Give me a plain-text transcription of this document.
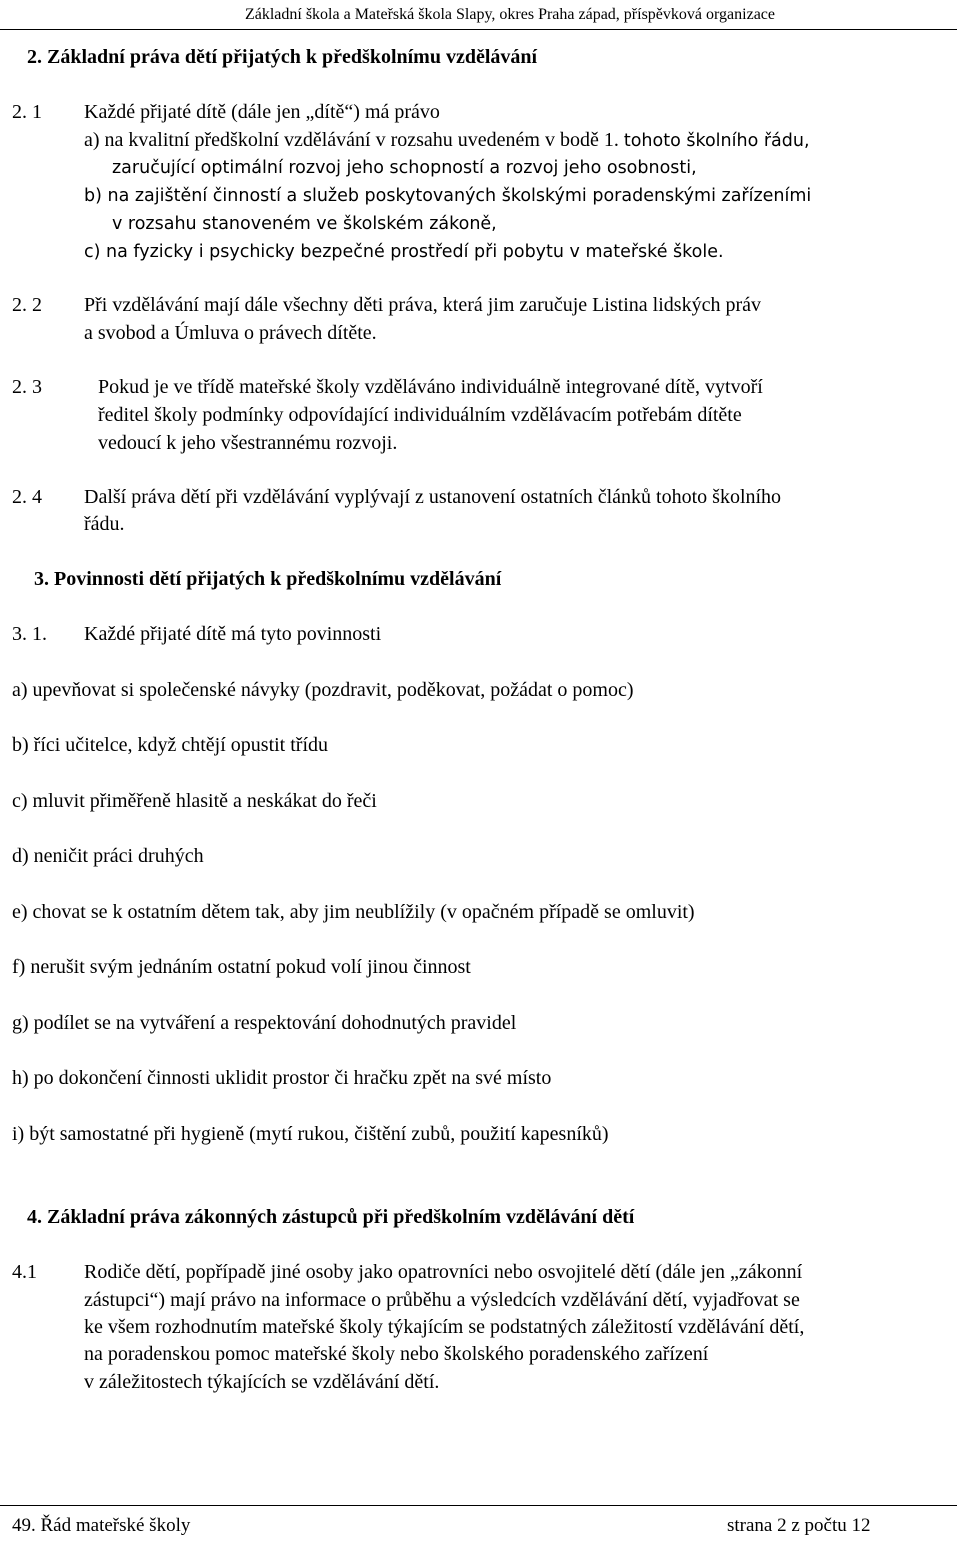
Základní škola a Mateřská škola Slapy, okres Praha západ, příspěvková organizace
2. Základní práva dětí přijatých k předškolnímu vzdělávání
2. 1 Každé přijaté dítě (dále jen „dítě“) má právo
a) na kvalitní předškolní vzdělávání v rozsahu uvedeném v bodě 1. tohoto školního řádu,
zaručující optimální rozvoj jeho schopností a rozvoj jeho osobnosti,
b) na zajištění činností a služeb poskytovaných školskými poradenskými zařízeními
v rozsahu stanoveném ve školském zákoně,
c) na fyzicky i psychicky bezpečné prostředí při pobytu v mateřské škole.
2. 2 Při vzdělávání mají dále všechny děti práva, která jim zaručuje Listina lidských práv
a svobod a Úmluva o právech dítěte.
2. 3	Pokud je ve třídě mateřské školy vzděláváno individuálně integrované dítě, vytvoří
ředitel školy podmínky odpovídající individuálním vzdělávacím potřebám dítěte
vedoucí k jeho všestrannému rozvoji.
2. 4 Další práva dětí při vzdělávání vyplývají z ustanovení ostatních článků tohoto školního
řádu.
3. Povinnosti dětí přijatých k předškolnímu vzdělávání
3. 1. Každé přijaté dítě má tyto povinnosti
a) upevňovat si společenské návyky (pozdravit, poděkovat, požádat o pomoc)
b) říci učitelce, když chtějí opustit třídu
c) mluvit přiměřeně hlasitě a neskákat do řeči
d) neničit práci druhých
e) chovat se k ostatním dětem tak, aby jim neublížily (v opačném případě se omluvit)
f) nerušit svým jednáním ostatní pokud volí jinou činnost
g) podílet se na vytváření a respektování dohodnutých pravidel
h) po dokončení činnosti uklidit prostor či hračku zpět na své místo
i) být samostatné při hygieně (mytí rukou, čištění zubů, použití kapesníků)
4. Základní práva zákonných zástupců při předškolním vzdělávání dětí
4.1 Rodiče dětí, popřípadě jiné osoby jako opatrovníci nebo osvojitelé dětí (dále jen „zákonní
zástupci“) mají právo na informace o průběhu a výsledcích vzdělávání dětí, vyjadřovat se
ke všem rozhodnutím mateřské školy týkajícím se podstatných záležitostí vzdělávání dětí,
na poradenskou pomoc mateřské školy nebo školského poradenského zařízení
v záležitostech týkajících se vzdělávání dětí.
49. Řád mateřské školy	strana 2 z počtu 12
